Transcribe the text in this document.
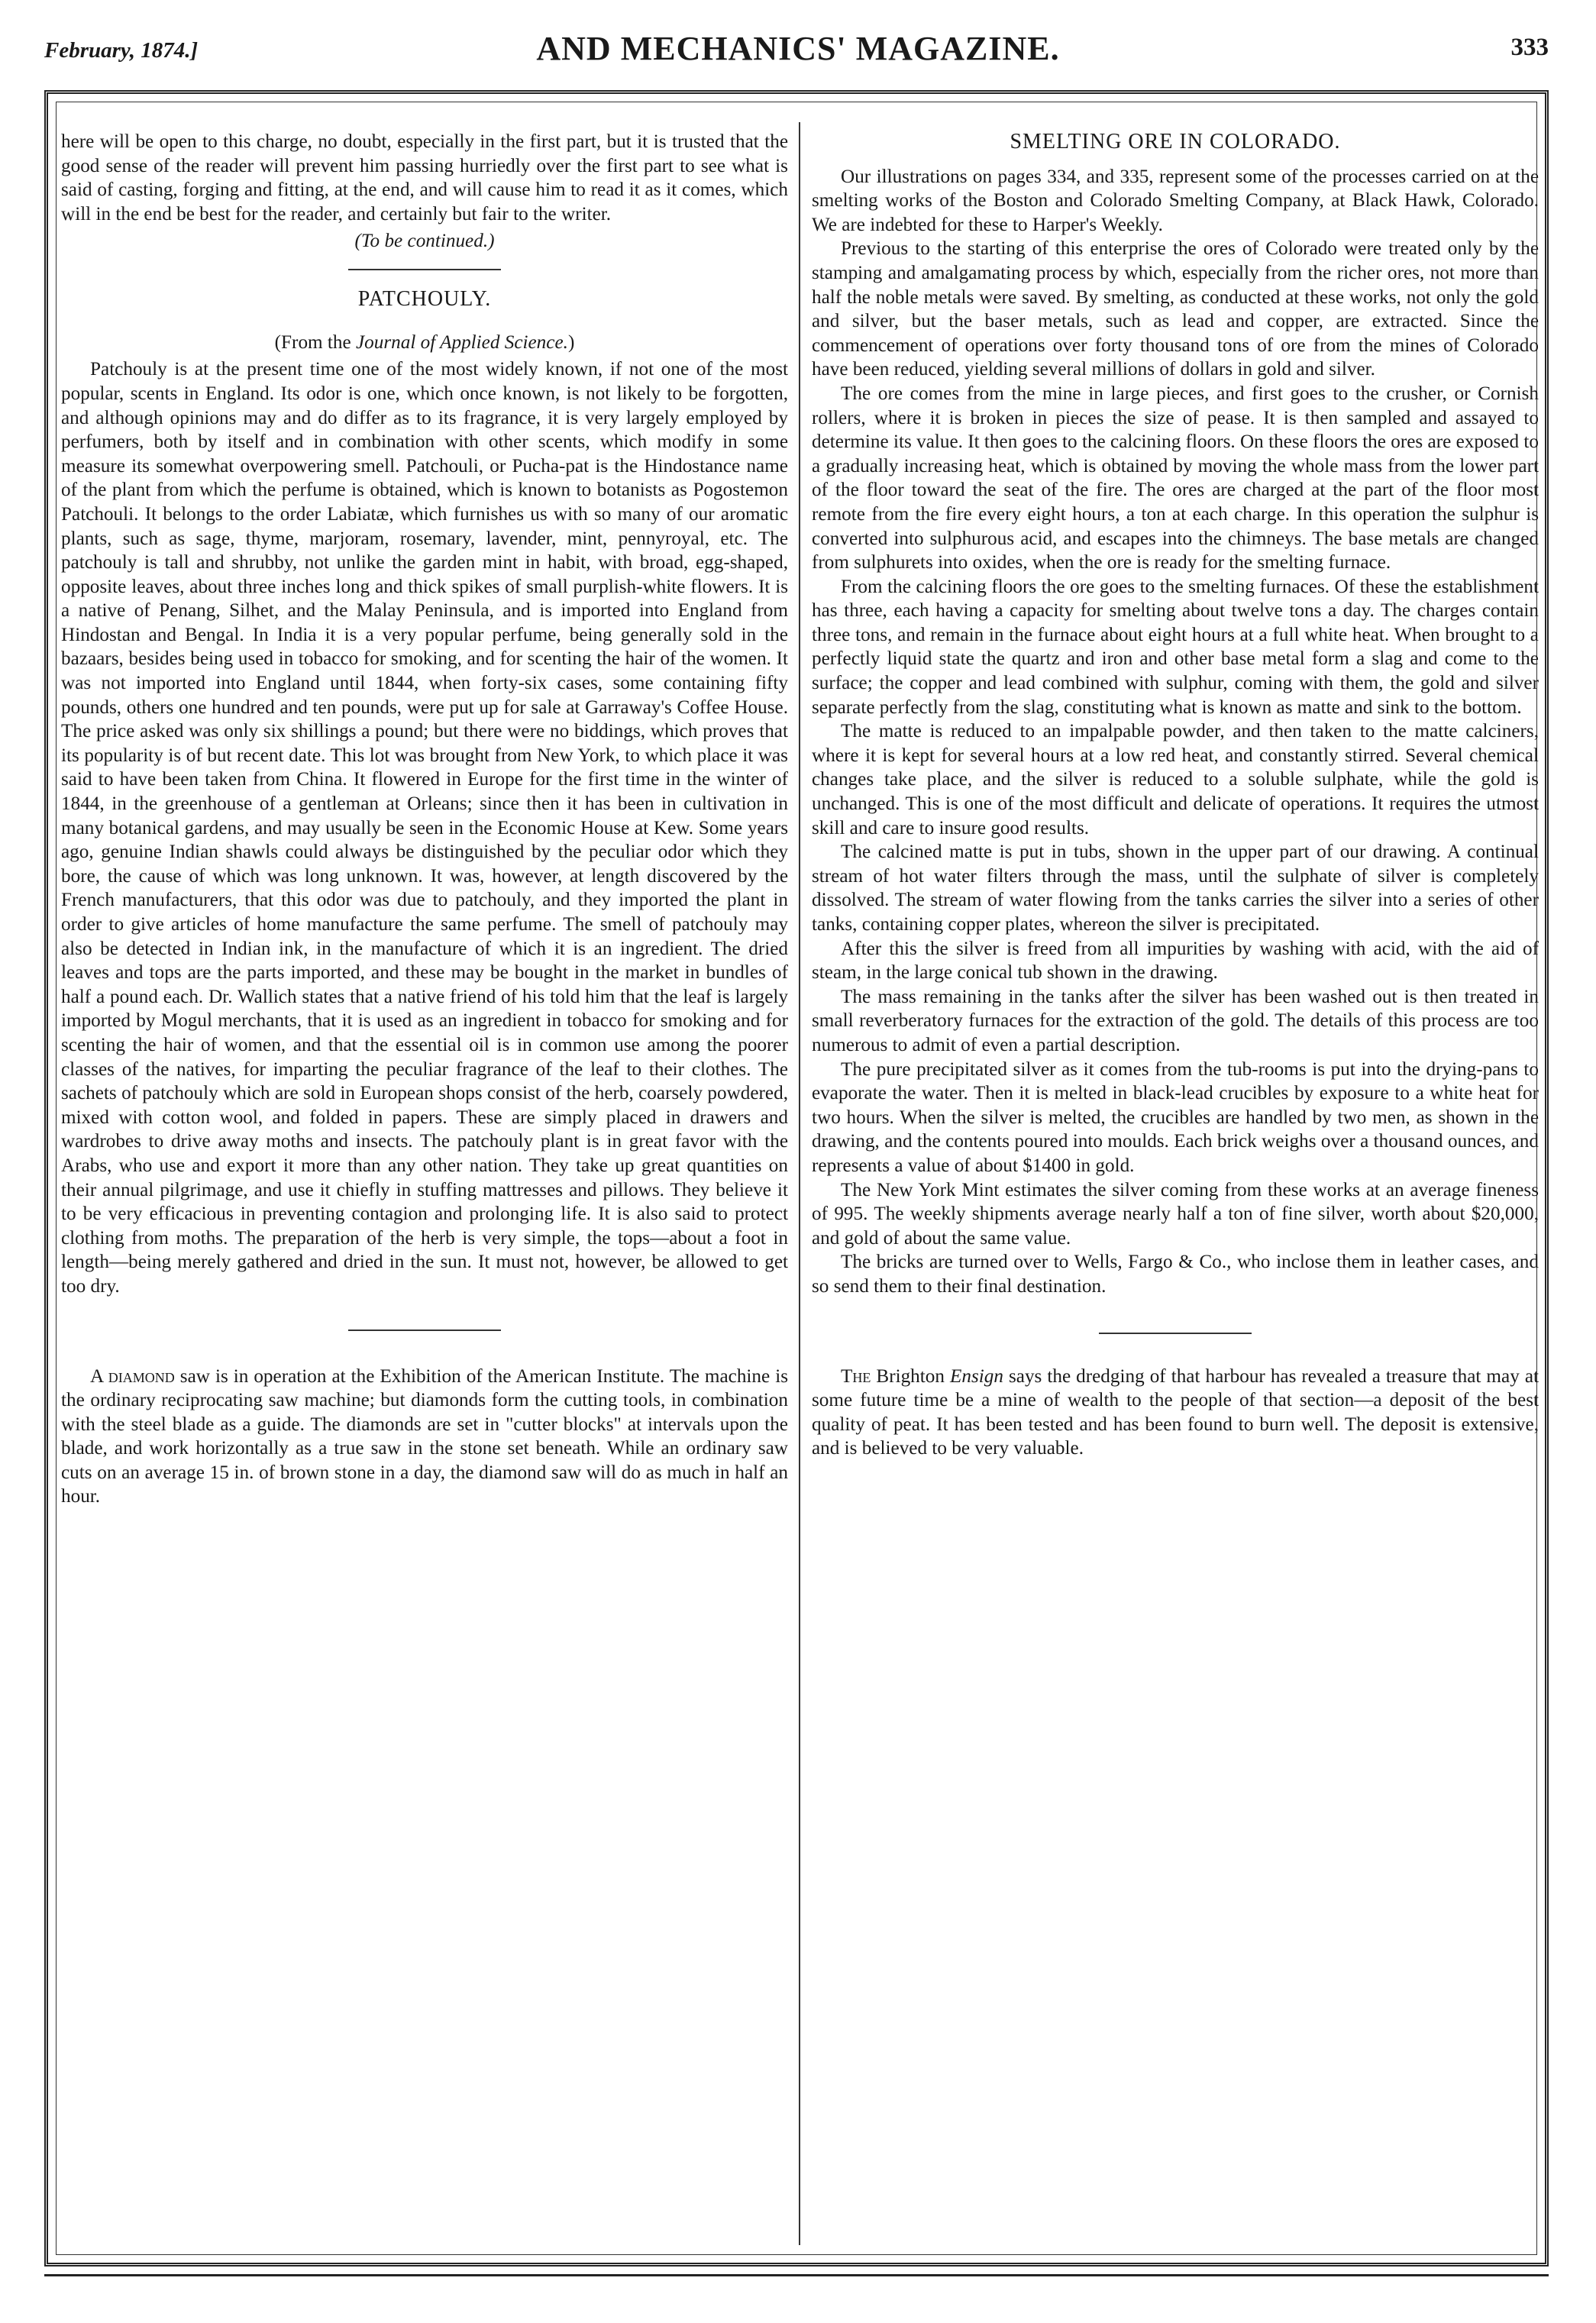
February, 1874.]	AND MECHANICS' MAGAZINE.	333

here will be open to this charge, no doubt, especially in the first part, but it is trusted that the good sense of the reader will prevent him passing hurriedly over the first part to see what is said of casting, forging and fitting, at the end, and will cause him to read it as it comes, which will in the end be best for the reader, and certainly but fair to the writer.

(To be continued.)

PATCHOULY.

(From the Journal of Applied Science.)

Patchouly is at the present time one of the most widely known, if not one of the most popular, scents in England. Its odor is one, which once known, is not likely to be forgotten, and although opinions may and do differ as to its fragrance, it is very largely employed by perfumers, both by itself and in combination with other scents, which modify in some measure its somewhat overpowering smell. Patchouli, or Pucha-pat is the Hindostance name of the plant from which the perfume is obtained, which is known to botanists as Pogostemon Patchouli. It belongs to the order Labiatæ, which furnishes us with so many of our aromatic plants, such as sage, thyme, marjoram, rosemary, lavender, mint, pennyroyal, etc. The patchouly is tall and shrubby, not unlike the garden mint in habit, with broad, egg-shaped, opposite leaves, about three inches long and thick spikes of small purplish-white flowers. It is a native of Penang, Silhet, and the Malay Peninsula, and is imported into England from Hindostan and Bengal. In India it is a very popular perfume, being generally sold in the bazaars, besides being used in tobacco for smoking, and for scenting the hair of the women. It was not imported into England until 1844, when forty-six cases, some containing fifty pounds, others one hundred and ten pounds, were put up for sale at Garraway's Coffee House. The price asked was only six shillings a pound; but there were no biddings, which proves that its popularity is of but recent date. This lot was brought from New York, to which place it was said to have been taken from China. It flowered in Europe for the first time in the winter of 1844, in the greenhouse of a gentleman at Orleans; since then it has been in cultivation in many botanical gardens, and may usually be seen in the Economic House at Kew. Some years ago, genuine Indian shawls could always be distinguished by the peculiar odor which they bore, the cause of which was long unknown. It was, however, at length discovered by the French manufacturers, that this odor was due to patchouly, and they imported the plant in order to give articles of home manufacture the same perfume. The smell of patchouly may also be detected in Indian ink, in the manufacture of which it is an ingredient. The dried leaves and tops are the parts imported, and these may be bought in the market in bundles of half a pound each. Dr. Wallich states that a native friend of his told him that the leaf is largely imported by Mogul merchants, that it is used as an ingredient in tobacco for smoking and for scenting the hair of women, and that the essential oil is in common use among the poorer classes of the natives, for imparting the peculiar fragrance of the leaf to their clothes. The sachets of patchouly which are sold in European shops consist of the herb, coarsely powdered, mixed with cotton wool, and folded in papers. These are simply placed in drawers and wardrobes to drive away moths and insects. The patchouly plant is in great favor with the Arabs, who use and export it more than any other nation. They take up great quantities on their annual pilgrimage, and use it chiefly in stuffing mattresses and pillows. They believe it to be very efficacious in preventing contagion and prolonging life. It is also said to protect clothing from moths. The preparation of the herb is very simple, the tops—about a foot in length—being merely gathered and dried in the sun. It must not, however, be allowed to get too dry.

A diamond saw is in operation at the Exhibition of the American Institute. The machine is the ordinary reciprocating saw machine; but diamonds form the cutting tools, in combination with the steel blade as a guide. The diamonds are set in "cutter blocks" at intervals upon the blade, and work horizontally as a true saw in the stone set beneath. While an ordinary saw cuts on an average 15 in. of brown stone in a day, the diamond saw will do as much in half an hour.

SMELTING ORE IN COLORADO.

Our illustrations on pages 334, and 335, represent some of the processes carried on at the smelting works of the Boston and Colorado Smelting Company, at Black Hawk, Colorado. We are indebted for these to Harper's Weekly.

Previous to the starting of this enterprise the ores of Colorado were treated only by the stamping and amalgamating process by which, especially from the richer ores, not more than half the noble metals were saved. By smelting, as conducted at these works, not only the gold and silver, but the baser metals, such as lead and copper, are extracted. Since the commencement of operations over forty thousand tons of ore from the mines of Colorado have been reduced, yielding several millions of dollars in gold and silver.

The ore comes from the mine in large pieces, and first goes to the crusher, or Cornish rollers, where it is broken in pieces the size of pease. It is then sampled and assayed to determine its value. It then goes to the calcining floors. On these floors the ores are exposed to a gradually increasing heat, which is obtained by moving the whole mass from the lower part of the floor toward the seat of the fire. The ores are charged at the part of the floor most remote from the fire every eight hours, a ton at each charge. In this operation the sulphur is converted into sulphurous acid, and escapes into the chimneys. The base metals are changed from sulphurets into oxides, when the ore is ready for the smelting furnace.

From the calcining floors the ore goes to the smelting furnaces. Of these the establishment has three, each having a capacity for smelting about twelve tons a day. The charges contain three tons, and remain in the furnace about eight hours at a full white heat. When brought to a perfectly liquid state the quartz and iron and other base metal form a slag and come to the surface; the copper and lead combined with sulphur, coming with them, the gold and silver separate perfectly from the slag, constituting what is known as matte and sink to the bottom.

The matte is reduced to an impalpable powder, and then taken to the matte calciners, where it is kept for several hours at a low red heat, and constantly stirred. Several chemical changes take place, and the silver is reduced to a soluble sulphate, while the gold is unchanged. This is one of the most difficult and delicate of operations. It requires the utmost skill and care to insure good results.

The calcined matte is put in tubs, shown in the upper part of our drawing. A continual stream of hot water filters through the mass, until the sulphate of silver is completely dissolved. The stream of water flowing from the tanks carries the silver into a series of other tanks, containing copper plates, whereon the silver is precipitated.

After this the silver is freed from all impurities by washing with acid, with the aid of steam, in the large conical tub shown in the drawing.

The mass remaining in the tanks after the silver has been washed out is then treated in small reverberatory furnaces for the extraction of the gold. The details of this process are too numerous to admit of even a partial description.

The pure precipitated silver as it comes from the tub-rooms is put into the drying-pans to evaporate the water. Then it is melted in black-lead crucibles by exposure to a white heat for two hours. When the silver is melted, the crucibles are handled by two men, as shown in the drawing, and the contents poured into moulds. Each brick weighs over a thousand ounces, and represents a value of about $1400 in gold.

The New York Mint estimates the silver coming from these works at an average fineness of 995. The weekly shipments average nearly half a ton of fine silver, worth about $20,000, and gold of about the same value.

The bricks are turned over to Wells, Fargo & Co., who inclose them in leather cases, and so send them to their final destination.

The Brighton Ensign says the dredging of that harbour has revealed a treasure that may at some future time be a mine of wealth to the people of that section—a deposit of the best quality of peat. It has been tested and has been found to burn well. The deposit is extensive, and is believed to be very valuable.
